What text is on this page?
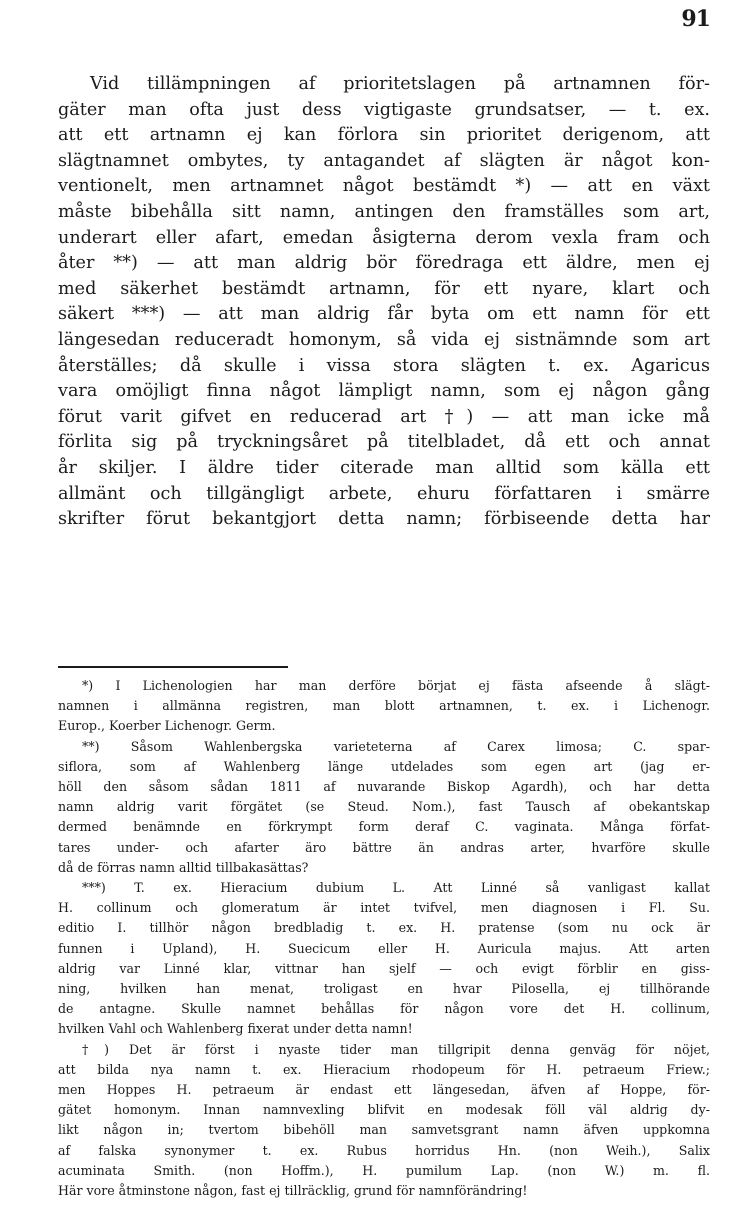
91
Vid tillämpningen af prioritetslagen på artnamnen för-
gäter man ofta just dess vigtigaste grundsatser, — t. ex.
att ett artnamn ej kan förlora sin prioritet derigenom, att
slägtnamnet ombytes, ty antagandet af slägten är något kon-
ventionelt, men artnamnet något bestämdt *) — att en växt
måste bibehålla sitt namn, antingen den framställes som art,
underart eller afart, emedan åsigterna derom vexla fram och
åter **) — att man aldrig bör föredraga ett äldre, men ej
med säkerhet bestämdt artnamn, för ett nyare, klart och
säkert ***) — att man aldrig får byta om ett namn för ett
längesedan reduceradt homonym, så vida ej sistnämnde som art
återställes; då skulle i vissa stora slägten t. ex. Agaricus
vara omöjligt finna något lämpligt namn, som ej någon gång
förut varit gifvet en reducerad art †) — att man icke må
förlita sig på tryckningsåret på titelbladet, då ett och annat
år skiljer. I äldre tider citerade man alltid som källa ett
allmänt och tillgängligt arbete, ehuru författaren i smärre
skrifter förut bekantgjort detta namn; förbiseende detta har
*) I Lichenologien har man derföre börjat ej fästa afseende å slägt-
namnen i allmänna registren, man blott artnamnen, t. ex. i Lichenogr.
Europ., Koerber Lichenogr. Germ.
**) Såsom Wahlenbergska varieteterna af Carex limosa; C. spar-
siflora, som af Wahlenberg länge utdelades som egen art (jag er-
höll den såsom sådan 1811 af nuvarande Biskop Agardh), och har detta
namn aldrig varit förgätet (se Steud. Nom.), fast Tausch af obekantskap
dermed benämnde en förkrympt form deraf C. vaginata. Många förfat-
tares under- och afarter äro bättre än andras arter, hvarföre skulle
då de förras namn alltid tillbakasättas?
***) T. ex. Hieracium dubium L. Att Linné så vanligast kallat
H. collinum och glomeratum är intet tvifvel, men diagnosen i Fl. Su.
editio I. tillhör någon bredbladig t. ex. H. pratense (som nu ock är
funnen i Upland), H. Suecicum eller H. Auricula majus. Att arten
aldrig var Linné klar, vittnar han sjelf — och evigt förblir en giss-
ning, hvilken han menat, troligast en hvar Pilosella, ej tillhörande
de antagne. Skulle namnet behållas för någon vore det H. collinum,
hvilken Vahl och Wahlenberg fixerat under detta namn!
†) Det är först i nyaste tider man tillgripit denna genväg för nöjet,
att bilda nya namn t. ex. Hieracium rhodopeum för H. petraeum Friew.;
men Hoppes H. petraeum är endast ett längesedan, äfven af Hoppe, för-
gätet homonym. Innan namnvexling blifvit en modesak föll väl aldrig dy-
likt någon in; tvertom bibehöll man samvetsgrant namn äfven uppkomna
af falska synonymer t. ex. Rubus horridus Hn. (non Weih.), Salix
acuminata Smith. (non Hoffm.), H. pumilum Lap. (non W.) m. fl.
Här vore åtminstone någon, fast ej tillräcklig, grund för namnförändring!
